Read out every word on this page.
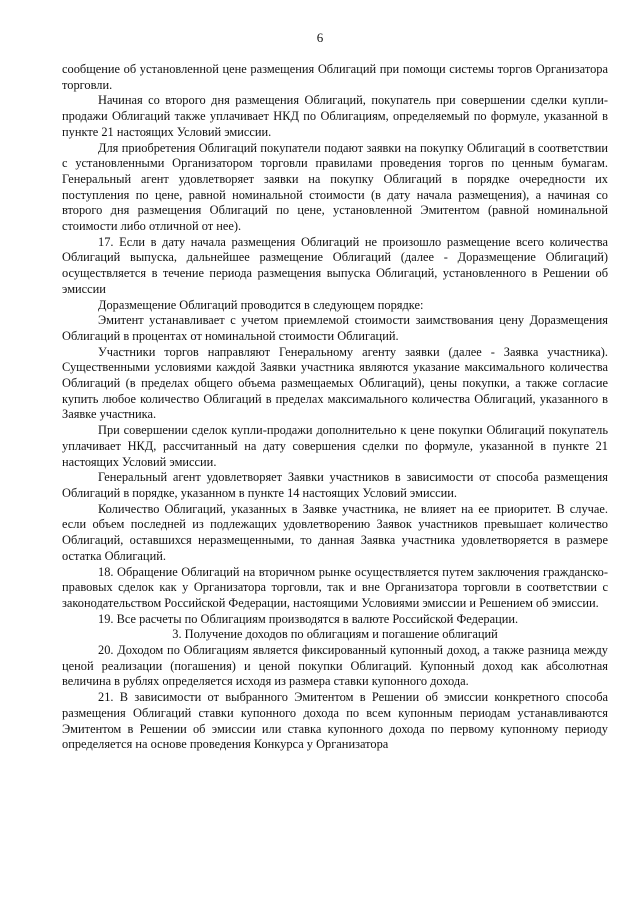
6

сообщение об установленной цене размещения Облигаций при помощи системы торгов Организатора торговли.

Начиная со второго дня размещения Облигаций, покупатель при совершении сделки купли-продажи Облигаций также уплачивает НКД по Облигациям, определяемый по формуле, указанной в пункте 21 настоящих Условий эмиссии.

Для приобретения Облигаций покупатели подают заявки на покупку Облигаций в соответствии с установленными Организатором торговли правилами проведения торгов по ценным бумагам. Генеральный агент удовлетворяет заявки на покупку Облигаций в порядке очередности их поступления по цене, равной номинальной стоимости (в дату начала размещения), а начиная со второго дня размещения Облигаций по цене, установленной Эмитентом (равной номинальной стоимости либо отличной от нее).

17. Если в дату начала размещения Облигаций не произошло размещение всего количества Облигаций выпуска, дальнейшее размещение Облигаций (далее - Доразмещение Облигаций) осуществляется в течение периода размещения выпуска Облигаций, установленного в Решении об эмиссии

Доразмещение Облигаций проводится в следующем порядке:

Эмитент устанавливает с учетом приемлемой стоимости заимствования цену Доразмещения Облигаций в процентах от номинальной стоимости Облигаций.

Участники торгов направляют Генеральному агенту заявки (далее - Заявка участника). Существенными условиями каждой Заявки участника являются указание максимального количества Облигаций (в пределах общего объема размещаемых Облигаций), цены покупки, а также согласие купить любое количество Облигаций в пределах максимального количества Облигаций, указанного в Заявке участника.

При совершении сделок купли-продажи дополнительно к цене покупки Облигаций покупатель уплачивает НКД, рассчитанный на дату совершения сделки по формуле, указанной в пункте 21 настоящих Условий эмиссии.

Генеральный агент удовлетворяет Заявки участников в зависимости от способа размещения Облигаций в порядке, указанном в пункте 14 настоящих Условий эмиссии.

Количество Облигаций, указанных в Заявке участника, не влияет на ее приоритет. В случае. если объем последней из подлежащих удовлетворению Заявок участников превышает количество Облигаций, оставшихся неразмещенными, то данная Заявка участника удовлетворяется в размере остатка Облигаций.

18. Обращение Облигаций на вторичном рынке осуществляется путем заключения гражданско-правовых сделок как у Организатора торговли, так и вне Организатора торговли в соответствии с законодательством Российской Федерации, настоящими Условиями эмиссии и Решением об эмиссии.

19. Все расчеты по Облигациям производятся в валюте Российской Федерации.

3. Получение доходов по облигациям и погашение облигаций

20. Доходом по Облигациям является фиксированный купонный доход, а также разница между ценой реализации (погашения) и ценой покупки Облигаций. Купонный доход как абсолютная величина в рублях определяется исходя из размера ставки купонного дохода.

21. В зависимости от выбранного Эмитентом в Решении об эмиссии конкретного способа размещения Облигаций ставки купонного дохода по всем купонным периодам устанавливаются Эмитентом в Решении об эмиссии или ставка купонного дохода по первому купонному периоду определяется на основе проведения Конкурса у Организатора
